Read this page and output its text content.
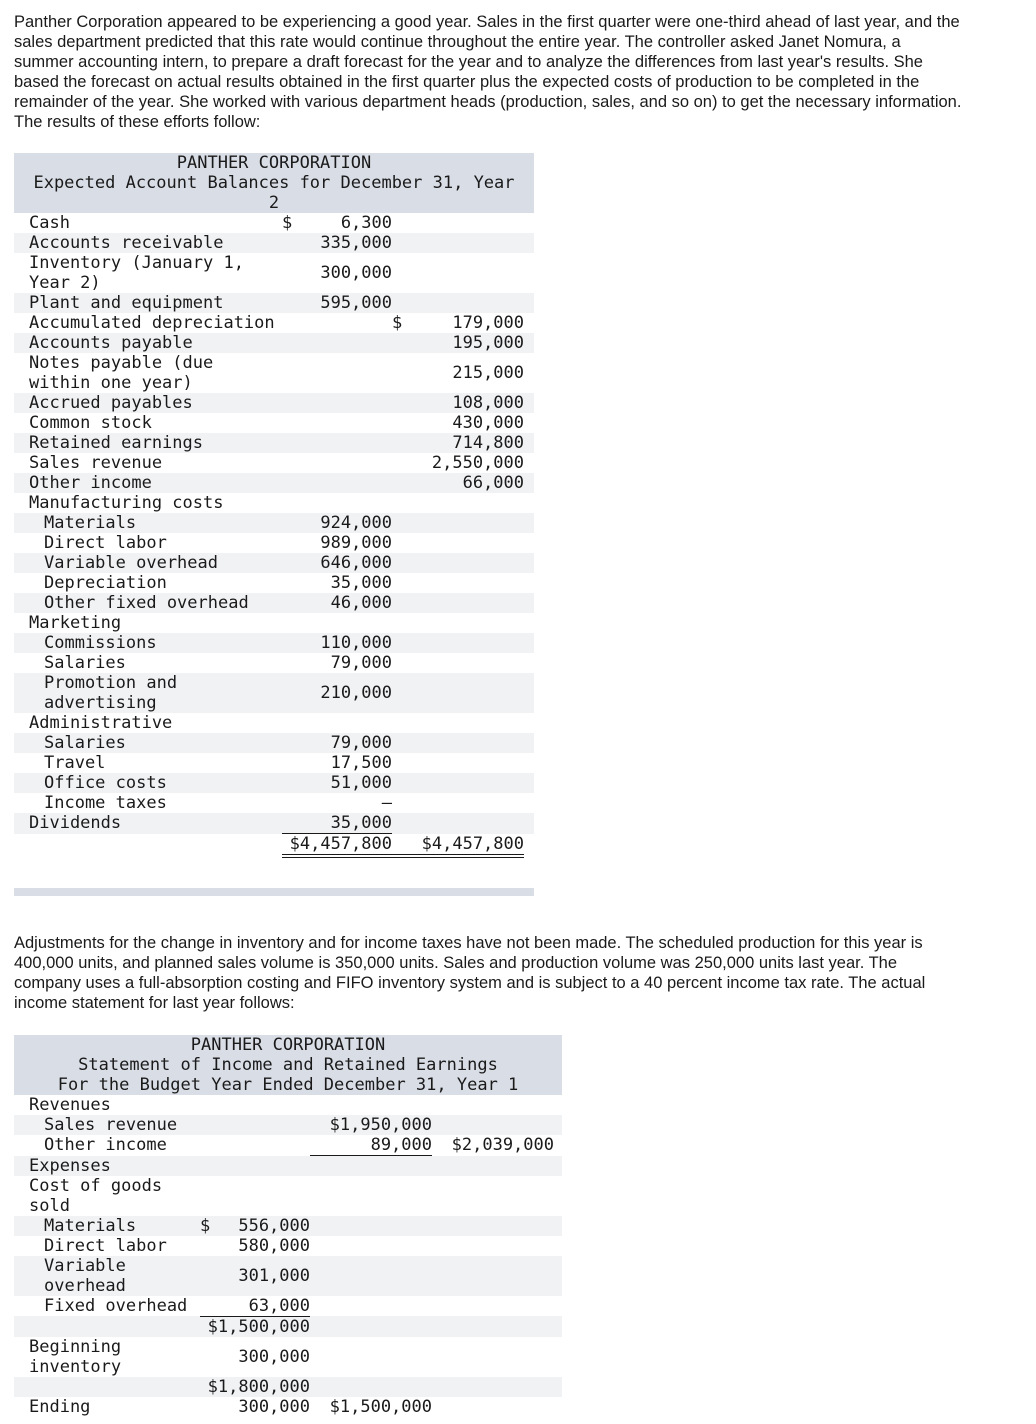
Panther Corporation appeared to be experiencing a good year. Sales in the first quarter were one-third ahead of last year, and the sales department predicted that this rate would continue throughout the entire year. The controller asked Janet Nomura, a summer accounting intern, to prepare a draft forecast for the year and to analyze the differences from last year's results. She based the forecast on actual results obtained in the first quarter plus the expected costs of production to be completed in the remainder of the year. She worked with various department heads (production, sales, and so on) to get the necessary information. The results of these efforts follow:

PANTHER CORPORATION			
Expected Account Balances for December 31, Year			
2			
Cash	$ 6,300		
Accounts receivable	335,000		
Inventory (January 1, Year 2)	300,000		
Plant and equipment	595,000		
Accumulated depreciation		$ 179,000	
Accounts payable		195,000	
Notes payable (due within one year)		215,000	
Accrued payables		108,000	
Common stock		430,000	
Retained earnings		714,800	
Sales revenue		2,550,000	
Other income		66,000	
Manufacturing costs			
Materials	924,000		
Direct labor	989,000		
Variable overhead	646,000		
Depreciation	35,000		
Other fixed overhead	46,000		
Marketing			
Commissions	110,000		
Salaries	79,000		
Promotion and advertising	210,000		
Administrative			
Salaries	79,000		
Travel	17,500		
Office costs	51,000		
Income taxes	–		
Dividends	35,000		
	$4,457,800	$4,457,800	

Adjustments for the change in inventory and for income taxes have not been made. The scheduled production for this year is 400,000 units, and planned sales volume is 350,000 units. Sales and production volume was 250,000 units last year. The company uses a full-absorption costing and FIFO inventory system and is subject to a 40 percent income tax rate. The actual income statement for last year follows:

PANTHER CORPORATION				
Statement of Income and Retained Earnings				
For the Budget Year Ended December 31, Year 1				
Revenues				
Sales revenue		$1,950,000		
Other income		89,000	$2,039,000	
Expenses				
Cost of goods sold				
Materials	$ 556,000			
Direct labor	580,000			
Variable overhead	301,000			
Fixed overhead	63,000			
	$1,500,000			
Beginning inventory	300,000			
	$1,800,000			
Ending	300,000	$1,500,000		
